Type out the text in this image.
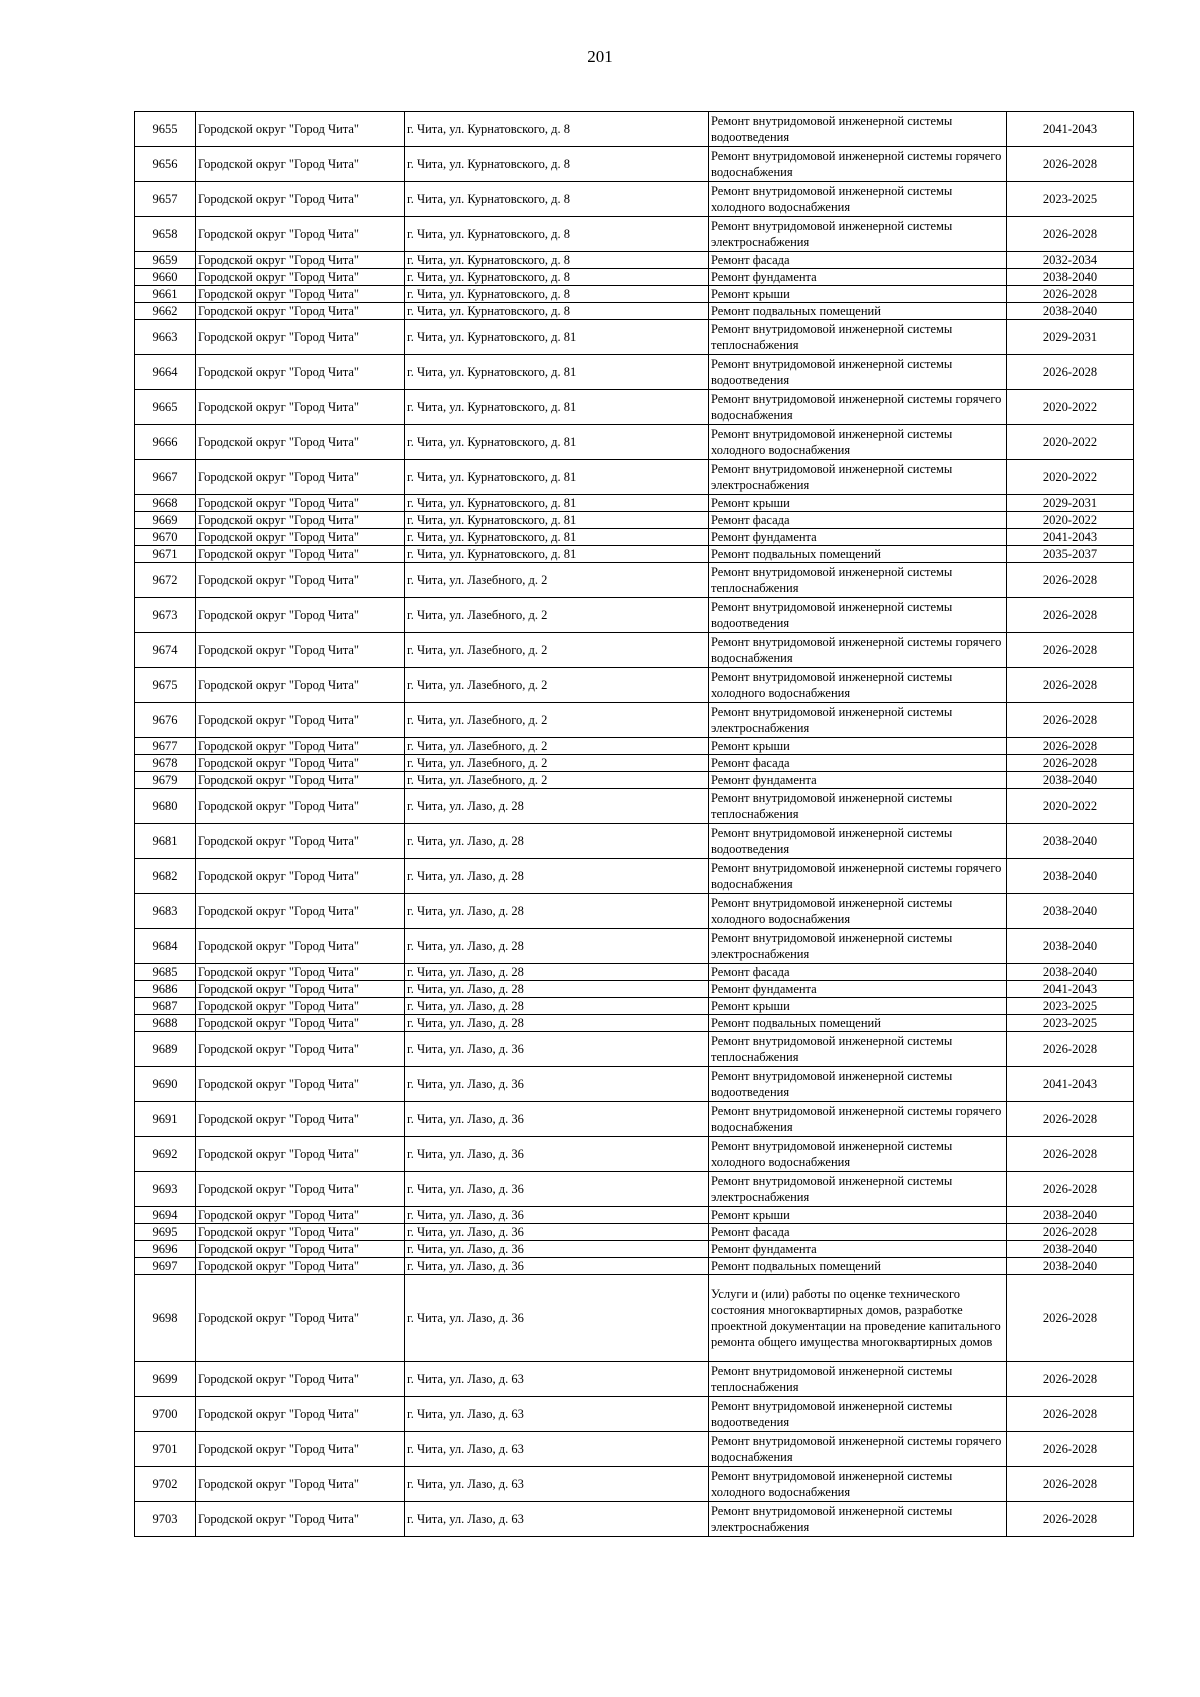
201
9655	Городской округ "Город Чита"	г. Чита, ул. Курнатовского, д. 8	Ремонт внутридомовой инженерной системы водоотведения	2041-2043
9656	Городской округ "Город Чита"	г. Чита, ул. Курнатовского, д. 8	Ремонт внутридомовой инженерной системы горячего водоснабжения	2026-2028
9657	Городской округ "Город Чита"	г. Чита, ул. Курнатовского, д. 8	Ремонт внутридомовой инженерной системы холодного водоснабжения	2023-2025
9658	Городской округ "Город Чита"	г. Чита, ул. Курнатовского, д. 8	Ремонт внутридомовой инженерной системы электроснабжения	2026-2028
9659	Городской округ "Город Чита"	г. Чита, ул. Курнатовского, д. 8	Ремонт фасада	2032-2034
9660	Городской округ "Город Чита"	г. Чита, ул. Курнатовского, д. 8	Ремонт фундамента	2038-2040
9661	Городской округ "Город Чита"	г. Чита, ул. Курнатовского, д. 8	Ремонт крыши	2026-2028
9662	Городской округ "Город Чита"	г. Чита, ул. Курнатовского, д. 8	Ремонт подвальных помещений	2038-2040
9663	Городской округ "Город Чита"	г. Чита, ул. Курнатовского, д. 81	Ремонт внутридомовой инженерной системы теплоснабжения	2029-2031
9664	Городской округ "Город Чита"	г. Чита, ул. Курнатовского, д. 81	Ремонт внутридомовой инженерной системы водоотведения	2026-2028
9665	Городской округ "Город Чита"	г. Чита, ул. Курнатовского, д. 81	Ремонт внутридомовой инженерной системы горячего водоснабжения	2020-2022
9666	Городской округ "Город Чита"	г. Чита, ул. Курнатовского, д. 81	Ремонт внутридомовой инженерной системы холодного водоснабжения	2020-2022
9667	Городской округ "Город Чита"	г. Чита, ул. Курнатовского, д. 81	Ремонт внутридомовой инженерной системы электроснабжения	2020-2022
9668	Городской округ "Город Чита"	г. Чита, ул. Курнатовского, д. 81	Ремонт крыши	2029-2031
9669	Городской округ "Город Чита"	г. Чита, ул. Курнатовского, д. 81	Ремонт фасада	2020-2022
9670	Городской округ "Город Чита"	г. Чита, ул. Курнатовского, д. 81	Ремонт фундамента	2041-2043
9671	Городской округ "Город Чита"	г. Чита, ул. Курнатовского, д. 81	Ремонт подвальных помещений	2035-2037
9672	Городской округ "Город Чита"	г. Чита, ул. Лазебного, д. 2	Ремонт внутридомовой инженерной системы теплоснабжения	2026-2028
9673	Городской округ "Город Чита"	г. Чита, ул. Лазебного, д. 2	Ремонт внутридомовой инженерной системы водоотведения	2026-2028
9674	Городской округ "Город Чита"	г. Чита, ул. Лазебного, д. 2	Ремонт внутридомовой инженерной системы горячего водоснабжения	2026-2028
9675	Городской округ "Город Чита"	г. Чита, ул. Лазебного, д. 2	Ремонт внутридомовой инженерной системы холодного водоснабжения	2026-2028
9676	Городской округ "Город Чита"	г. Чита, ул. Лазебного, д. 2	Ремонт внутридомовой инженерной системы электроснабжения	2026-2028
9677	Городской округ "Город Чита"	г. Чита, ул. Лазебного, д. 2	Ремонт крыши	2026-2028
9678	Городской округ "Город Чита"	г. Чита, ул. Лазебного, д. 2	Ремонт фасада	2026-2028
9679	Городской округ "Город Чита"	г. Чита, ул. Лазебного, д. 2	Ремонт фундамента	2038-2040
9680	Городской округ "Город Чита"	г. Чита, ул. Лазо, д. 28	Ремонт внутридомовой инженерной системы теплоснабжения	2020-2022
9681	Городской округ "Город Чита"	г. Чита, ул. Лазо, д. 28	Ремонт внутридомовой инженерной системы водоотведения	2038-2040
9682	Городской округ "Город Чита"	г. Чита, ул. Лазо, д. 28	Ремонт внутридомовой инженерной системы горячего водоснабжения	2038-2040
9683	Городской округ "Город Чита"	г. Чита, ул. Лазо, д. 28	Ремонт внутридомовой инженерной системы холодного водоснабжения	2038-2040
9684	Городской округ "Город Чита"	г. Чита, ул. Лазо, д. 28	Ремонт внутридомовой инженерной системы электроснабжения	2038-2040
9685	Городской округ "Город Чита"	г. Чита, ул. Лазо, д. 28	Ремонт фасада	2038-2040
9686	Городской округ "Город Чита"	г. Чита, ул. Лазо, д. 28	Ремонт фундамента	2041-2043
9687	Городской округ "Город Чита"	г. Чита, ул. Лазо, д. 28	Ремонт крыши	2023-2025
9688	Городской округ "Город Чита"	г. Чита, ул. Лазо, д. 28	Ремонт подвальных помещений	2023-2025
9689	Городской округ "Город Чита"	г. Чита, ул. Лазо, д. 36	Ремонт внутридомовой инженерной системы теплоснабжения	2026-2028
9690	Городской округ "Город Чита"	г. Чита, ул. Лазо, д. 36	Ремонт внутридомовой инженерной системы водоотведения	2041-2043
9691	Городской округ "Город Чита"	г. Чита, ул. Лазо, д. 36	Ремонт внутридомовой инженерной системы горячего водоснабжения	2026-2028
9692	Городской округ "Город Чита"	г. Чита, ул. Лазо, д. 36	Ремонт внутридомовой инженерной системы холодного водоснабжения	2026-2028
9693	Городской округ "Город Чита"	г. Чита, ул. Лазо, д. 36	Ремонт внутридомовой инженерной системы электроснабжения	2026-2028
9694	Городской округ "Город Чита"	г. Чита, ул. Лазо, д. 36	Ремонт крыши	2038-2040
9695	Городской округ "Город Чита"	г. Чита, ул. Лазо, д. 36	Ремонт фасада	2026-2028
9696	Городской округ "Город Чита"	г. Чита, ул. Лазо, д. 36	Ремонт фундамента	2038-2040
9697	Городской округ "Город Чита"	г. Чита, ул. Лазо, д. 36	Ремонт подвальных помещений	2038-2040
9698	Городской округ "Город Чита"	г. Чита, ул. Лазо, д. 36	Услуги и (или) работы по оценке технического состояния многоквартирных домов, разработке проектной документации на проведение капитального ремонта общего имущества многоквартирных домов	2026-2028
9699	Городской округ "Город Чита"	г. Чита, ул. Лазо, д. 63	Ремонт внутридомовой инженерной системы теплоснабжения	2026-2028
9700	Городской округ "Город Чита"	г. Чита, ул. Лазо, д. 63	Ремонт внутридомовой инженерной системы водоотведения	2026-2028
9701	Городской округ "Город Чита"	г. Чита, ул. Лазо, д. 63	Ремонт внутридомовой инженерной системы горячего водоснабжения	2026-2028
9702	Городской округ "Город Чита"	г. Чита, ул. Лазо, д. 63	Ремонт внутридомовой инженерной системы холодного водоснабжения	2026-2028
9703	Городской округ "Город Чита"	г. Чита, ул. Лазо, д. 63	Ремонт внутридомовой инженерной системы электроснабжения	2026-2028
